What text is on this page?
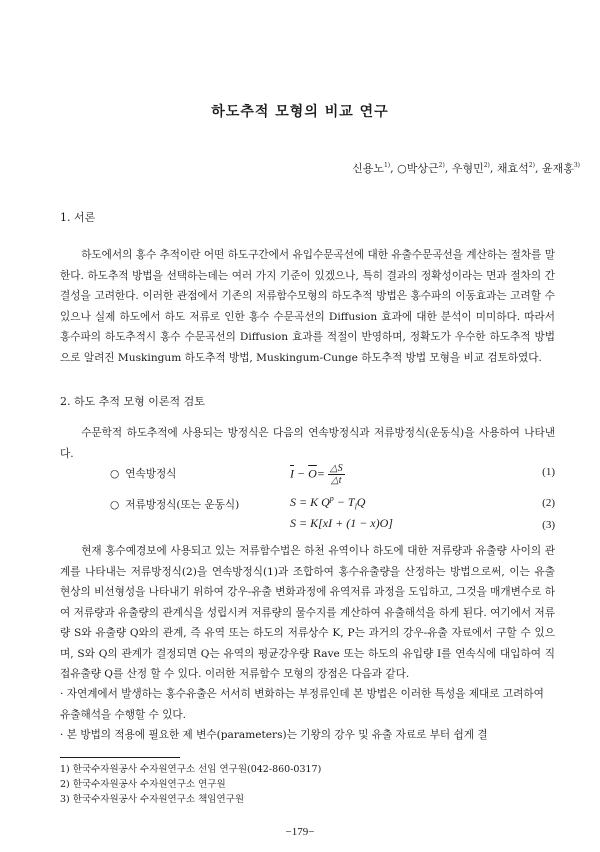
하도추적 모형의 비교 연구
신용노$^{1)}$, ○박상근$^{2)}$, 우형민$^{2)}$, 채효석$^{2)}$, 윤재홍$^{3)}$
1. 서론

하도에서의 홍수 추적이란 어떤 하도구간에서 유입수문곡선에 대한 유출수문곡선을 계산하는 절차를 말한다. 하도추적 방법을 선택하는데는 여러 가지 기준이 있겠으나, 특히 결과의 정확성이라는 면과 절차의 간결성을 고려한다. 이러한 관점에서 기존의 저류함수모형의 하도추적 방법은 홍수파의 이동효과는 고려할 수 있으나 실제 하도에서 하도 저류로 인한 홍수 수문곡선의 Diffusion 효과에 대한 분석이 미미하다. 따라서 홍수파의 하도추적시 홍수 수문곡선의 Diffusion 효과를 적절이 반영하며, 정확도가 우수한 하도추적 방법으로 알려진 Muskingum 하도추적 방법, Muskingum-Cunge 하도추적 방법 모형을 비교 검토하였다.

2. 하도 추적 모형 이론적 검토

수문학적 하도추적에 사용되는 방정식은 다음의 연속방정식과 저류방정식(운동식)을 사용하여 나타낸다.

○ 연속방정식	$\overline{I} - \overline{O}= \frac{\triangle S}{\triangle t}$	(1)
○ 저류방정식(또는 운동식)	S = K $Q^p - T_lQ$	(2)
S = K[xI + (1 − x)O]	(3)

현재 홍수예경보에 사용되고 있는 저류함수법은 하천 유역이나 하도에 대한 저류량과 유출량 사이의 관계를 나타내는 저류방정식(2)을 연속방정식(1)과 조합하여 홍수유출량을 산정하는 방법으로써, 이는 유출 현상의 비선형성을 나타내기 위하여 강우-유출 변화과정에 유역저류 과정을 도입하고, 그것을 매개변수로 하여 저류량과 유출량의 관계식을 성립시켜 저류량의 물수지를 계산하여 유출해석을 하게 된다. 여기에서 저류량 S와 유출량 Q와의 관계, 즉 유역 또는 하도의 저류상수 K, P는 과거의 강우-유출 자료에서 구할 수 있으며, S와 Q의 관계가 결정되면 Q는 유역의 평균강우량 Rave 또는 하도의 유입량 I를 연속식에 대입하여 직접유출량 Q를 산정 할 수 있다. 이러한 저류함수 모형의 장점은 다음과 같다.

· 자연계에서 발생하는 홍수유출은 서서히 변화하는 부정류인데 본 방법은 이러한 특성을 제대로 고려하여 유출해석을 수행할 수 있다.
· 본 방법의 적용에 필요한 제 변수(parameters)는 기왕의 강우 및 유출 자료로 부터 쉽게 결
1) 한국수자원공사 수자원연구소 선임 연구원(042-860-0317)
2) 한국수자원공사 수자원연구소 연구원
3) 한국수자원공사 수자원연구소 책임연구원
−179−
